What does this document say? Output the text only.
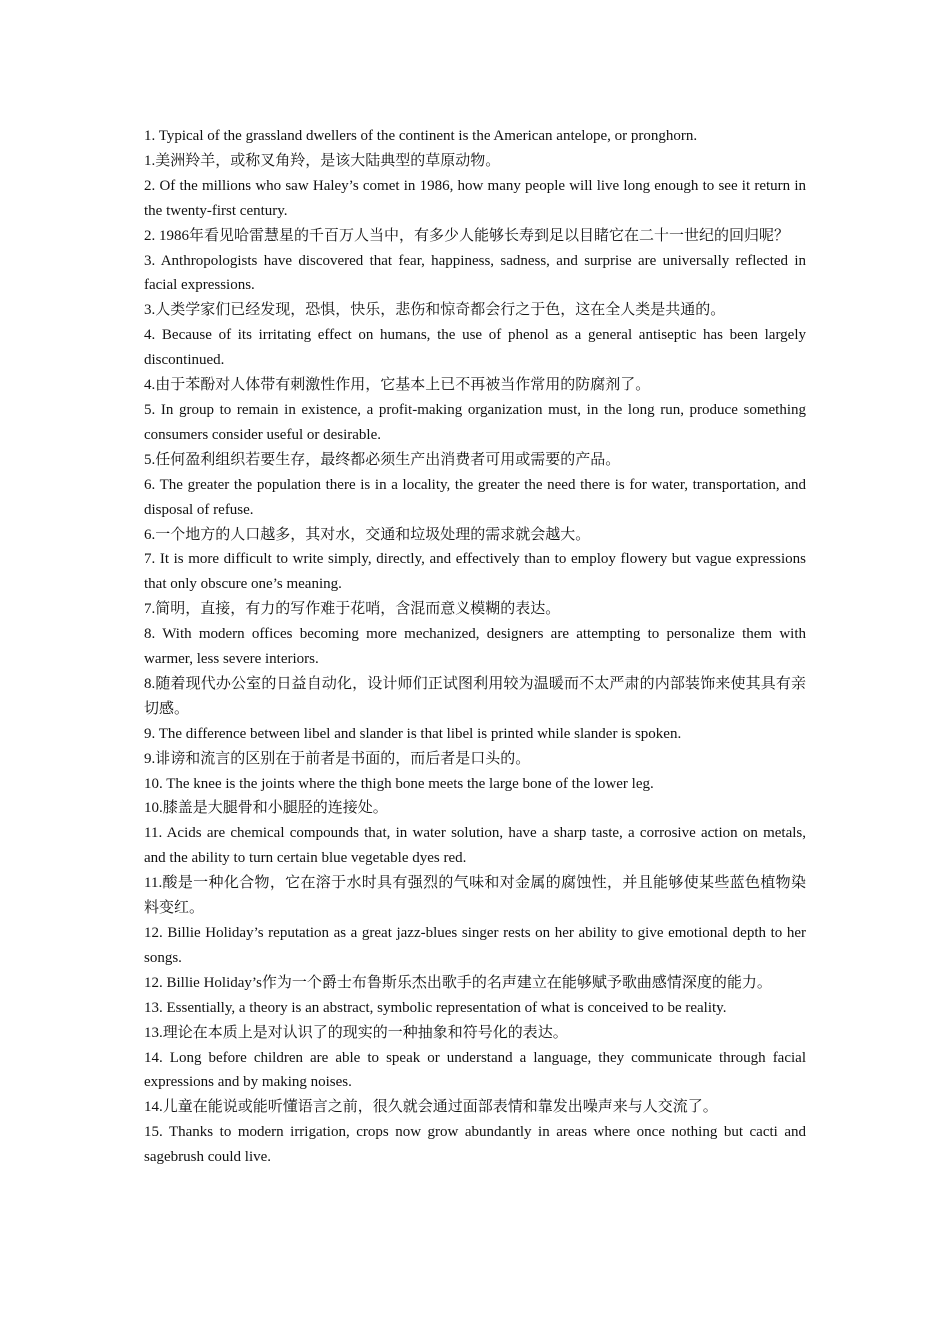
1. Typical of the grassland dwellers of the continent is the American antelope, or pronghorn.

1.美洲羚羊，或称叉角羚，是该大陆典型的草原动物。

2. Of the millions who saw Haley’s comet in 1986, how many people will live long enough to see it return in the twenty-first century.

2. 1986年看见哈雷慧星的千百万人当中，有多少人能够长寿到足以目睹它在二十一世纪的回归呢？

3. Anthropologists have discovered that fear, happiness, sadness, and surprise are universally reflected in facial expressions.

3.人类学家们已经发现，恐惧，快乐，悲伤和惊奇都会行之于色，这在全人类是共通的。

4. Because of its irritating effect on humans, the use of phenol as a general antiseptic has been largely discontinued.

4.由于苯酚对人体带有刺激性作用，它基本上已不再被当作常用的防腐剂了。

5. In group to remain in existence, a profit-making organization must, in the long run, produce something consumers consider useful or desirable.

5.任何盈利组织若要生存，最终都必须生产出消费者可用或需要的产品。

6. The greater the population there is in a locality, the greater the need there is for water, transportation, and disposal of refuse.

6.一个地方的人口越多，其对水，交通和垃圾处理的需求就会越大。

7. It is more difficult to write simply, directly, and effectively than to employ flowery but vague expressions that only obscure one’s meaning.

7.简明，直接，有力的写作难于花哨，含混而意义模糊的表达。

8. With modern offices becoming more mechanized, designers are attempting to personalize them with warmer, less severe interiors.

8.随着现代办公室的日益自动化，设计师们正试图利用较为温暖而不太严肃的内部装饰来使其具有亲切感。

9. The difference between libel and slander is that libel is printed while slander is spoken.

9.诽谤和流言的区别在于前者是书面的，而后者是口头的。

10. The knee is the joints where the thigh bone meets the large bone of the lower leg.

10.膝盖是大腿骨和小腿胫的连接处。

11. Acids are chemical compounds that, in water solution, have a sharp taste, a corrosive action on metals, and the ability to turn certain blue vegetable dyes red.

11.酸是一种化合物，它在溶于水时具有强烈的气味和对金属的腐蚀性，并且能够使某些蓝色植物染料变红。

12. Billie Holiday’s reputation as a great jazz-blues singer rests on her ability to give emotional depth to her songs.

12. Billie Holiday’s作为一个爵士布鲁斯乐杰出歌手的名声建立在能够赋予歌曲感情深度的能力。

13. Essentially, a theory is an abstract, symbolic representation of what is conceived to be reality.

13.理论在本质上是对认识了的现实的一种抽象和符号化的表达。

14. Long before children are able to speak or understand a language, they communicate through facial expressions and by making noises.

14.儿童在能说或能听懂语言之前，很久就会通过面部表情和靠发出噪声来与人交流了。

15. Thanks to modern irrigation, crops now grow abundantly in areas where once nothing but cacti and sagebrush could live.
